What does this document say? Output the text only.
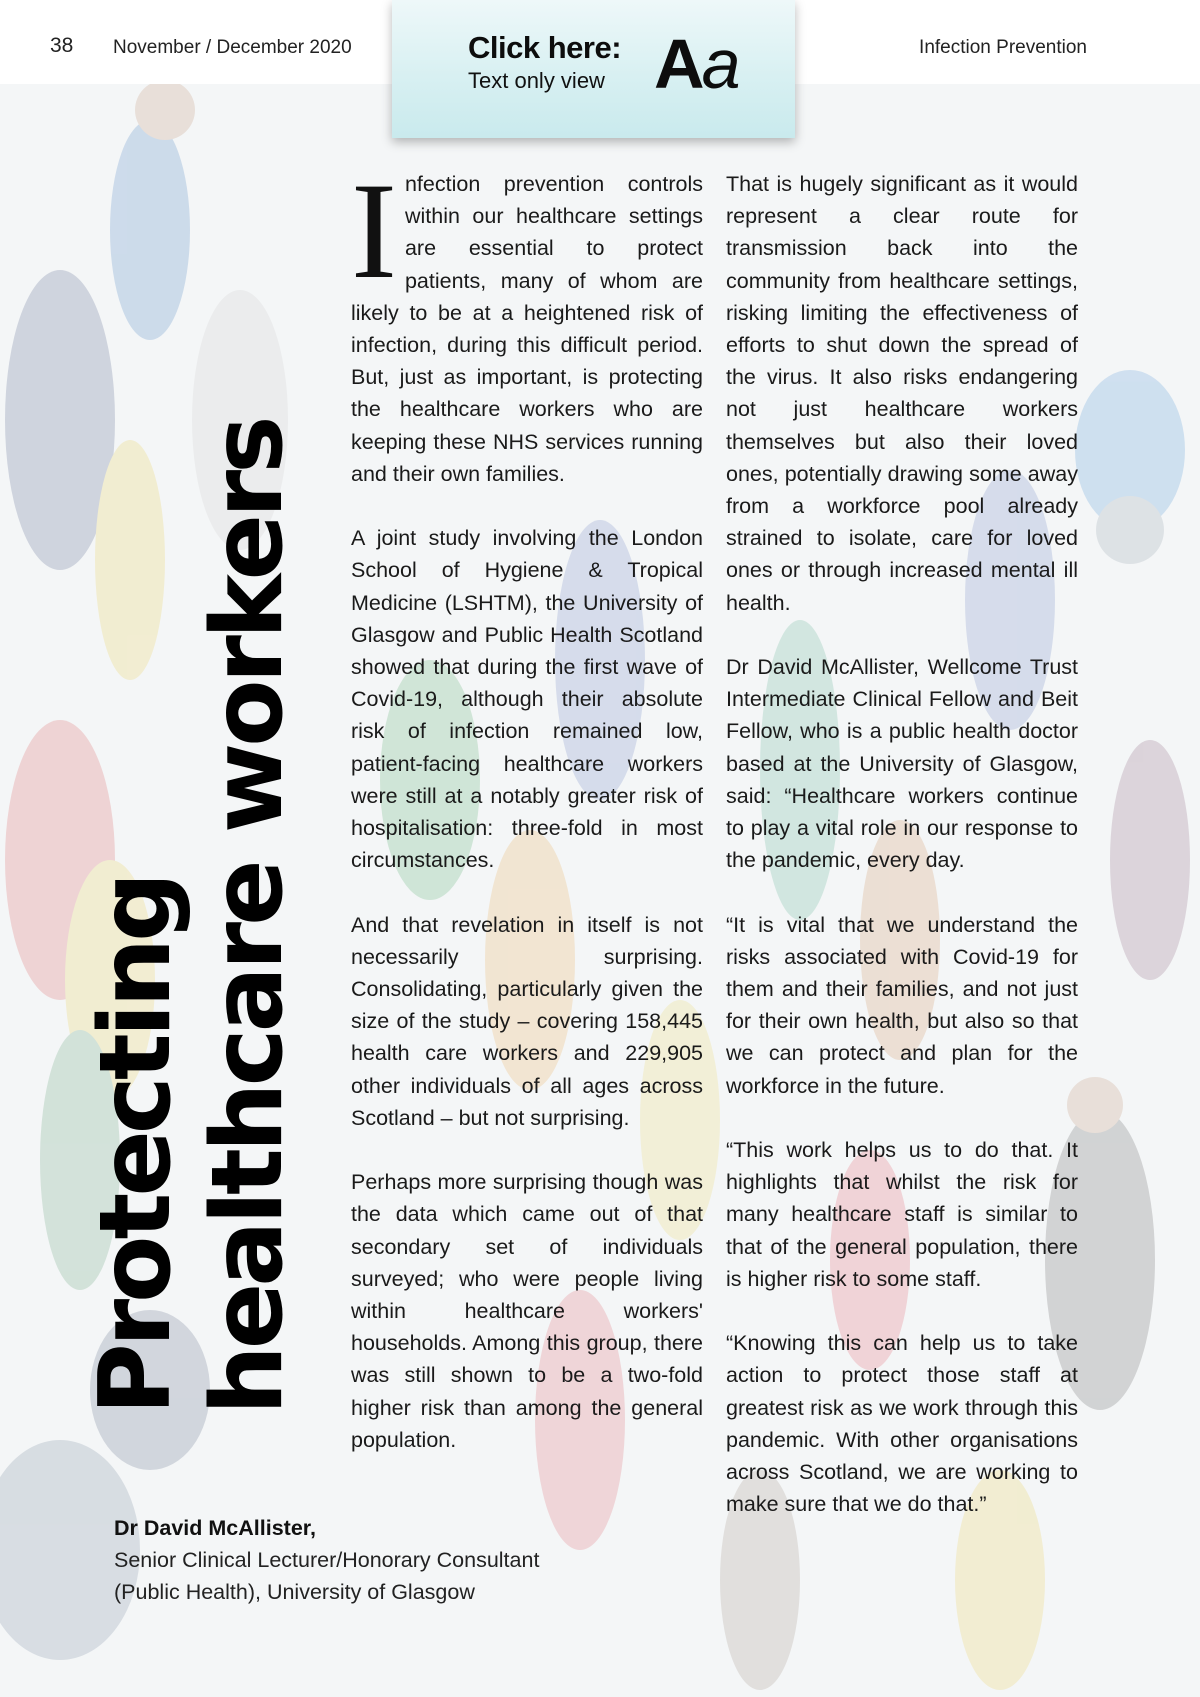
38 November / December 2020	Infection Prevention
Click here:
Text only view Aa
Protecting
healthcare workers

Infection prevention controls within our healthcare settings are essential to protect patients, many of whom are likely to be at a heightened risk of infection, during this difficult period. But, just as important, is protecting the healthcare workers who are keeping these NHS services running and their own families.

A joint study involving the London School of Hygiene & Tropical Medicine (LSHTM), the University of Glasgow and Public Health Scotland showed that during the first wave of Covid-19, although their absolute risk of infection remained low, patient-facing healthcare workers were still at a notably greater risk of hospitalisation: three-fold in most circumstances.

And that revelation in itself is not necessarily surprising. Consolidating, particularly given the size of the study – covering 158,445 health care workers and 229,905 other individuals of all ages across Scotland – but not surprising.

Perhaps more surprising though was the data which came out of that secondary set of individuals surveyed; who were people living within healthcare workers' households. Among this group, there was still shown to be a two-fold higher risk than among the general population.

That is hugely significant as it would represent a clear route for transmission back into the community from healthcare settings, risking limiting the effectiveness of efforts to shut down the spread of the virus. It also risks endangering not just healthcare workers themselves but also their loved ones, potentially drawing some away from a workforce pool already strained to isolate, care for loved ones or through increased mental ill health.

Dr David McAllister, Wellcome Trust Intermediate Clinical Fellow and Beit Fellow, who is a public health doctor based at the University of Glasgow, said: “Healthcare workers continue to play a vital role in our response to the pandemic, every day.

“It is vital that we understand the risks associated with Covid-19 for them and their families, and not just for their own health, but also so that we can protect and plan for the workforce in the future.

“This work helps us to do that. It highlights that whilst the risk for many healthcare staff is similar to that of the general population, there is higher risk to some staff.

“Knowing this can help us to take action to protect those staff at greatest risk as we work through this pandemic. With other organisations across Scotland, we are working to make sure that we do that.”

Dr David McAllister,
Senior Clinical Lecturer/Honorary Consultant
(Public Health), University of Glasgow
